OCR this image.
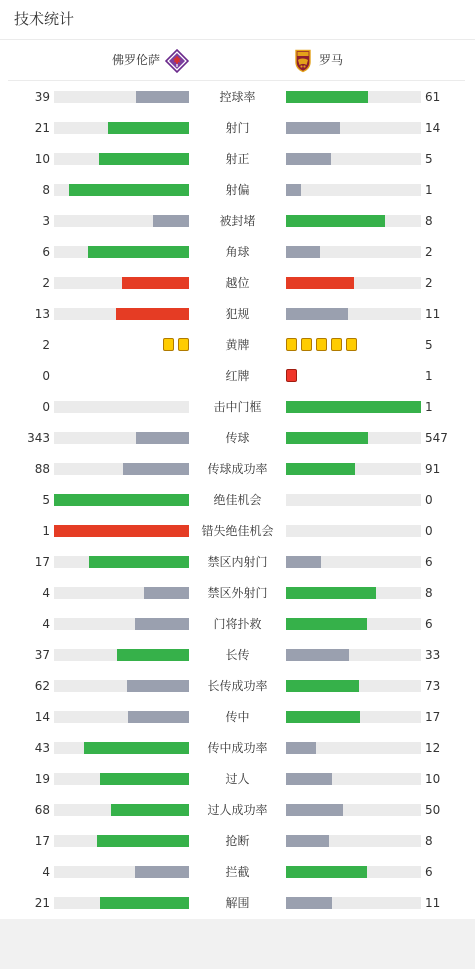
技术统计
佛罗伦萨	罗马
39	控球率	61
21	射门	14
10	射正	5
8	射偏	1
3	被封堵	8
6	角球	2
2	越位	2
13	犯规	11
2	黄牌	5
0	红牌	1
0	击中门框	1
343	传球	547
88	传球成功率	91
5	绝佳机会	0
1	错失绝佳机会	0
17	禁区内射门	6
4	禁区外射门	8
4	门将扑救	6
37	长传	33
62	长传成功率	73
14	传中	17
43	传中成功率	12
19	过人	10
68	过人成功率	50
17	抢断	8
4	拦截	6
21	解围	11
